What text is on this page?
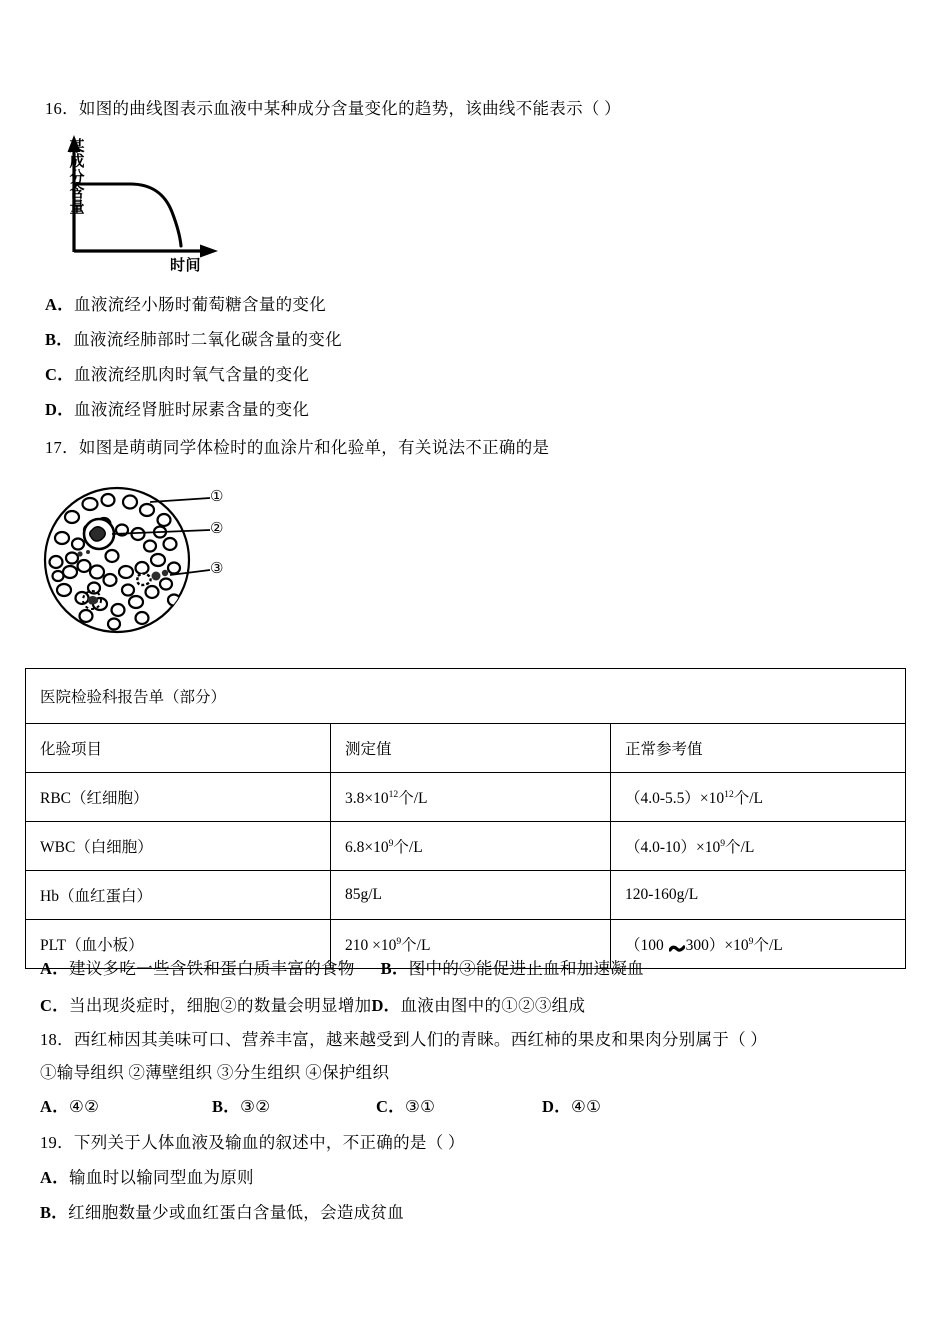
16．如图的曲线图表示血液中某种成分含量变化的趋势，该曲线不能表示（ ）
某成分含量
时间
A．血液流经小肠时葡萄糖含量的变化
B．血液流经肺部时二氧化碳含量的变化
C．血液流经肌肉时氧气含量的变化
D．血液流经肾脏时尿素含量的变化
17．如图是萌萌同学体检时的血涂片和化验单，有关说法不正确的是
①
②
③
医院检验科报告单（部分）		
化验项目	测定值	正常参考值
RBC（红细胞）	$3.8\times 10^{12}$个/L	$(4.0-5.5)\times 10^{12}$个/L
WBC（白细胞）	$6.8\times 10^9$个/L	$(4.0-10)\times 10^9$个/L
Hb（血红蛋白）	85g/L	120-160g/L
PLT（血小板）	$210 \times 10^9$个/L	（100 $300)\times 10^9$个/L
A．建议多吃一些含铁和蛋白质丰富的食物 B．图中的③能促进止血和加速凝血
C．当出现炎症时，细胞②的数量会明显增加D．血液由图中的①②③组成
18．西红柿因其美味可口、营养丰富，越来越受到人们的青睐。西红柿的果皮和果肉分别属于（ ）
①输导组织 ②薄壁组织 ③分生组织 ④保护组织
A．④②	B．③②	C．③①	D．④①
19．下列关于人体血液及输血的叙述中，不正确的是（ ）
A．输血时以输同型血为原则
B．红细胞数量少或血红蛋白含量低，会造成贫血
